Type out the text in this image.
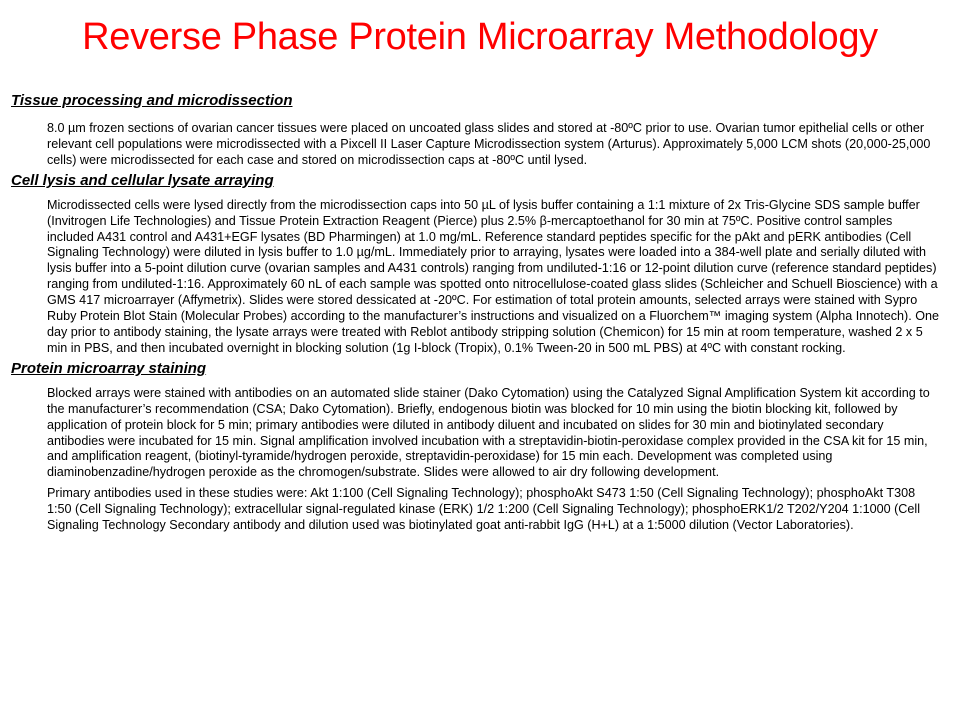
Reverse Phase Protein Microarray Methodology

Tissue processing and microdissection

8.0 µm frozen sections of ovarian cancer tissues were placed on uncoated glass slides and stored at -80ºC prior to use. Ovarian tumor epithelial cells or other relevant cell populations were microdissected with a Pixcell II Laser Capture Microdissection system (Arturus). Approximately 5,000 LCM shots (20,000-25,000 cells) were microdissected for each case and stored on microdissection caps at -80ºC until lysed.

Cell lysis and cellular lysate arraying

Microdissected cells were lysed directly from the microdissection caps into 50 µL of lysis buffer containing a 1:1 mixture of 2x Tris-Glycine SDS sample buffer (Invitrogen Life Technologies) and Tissue Protein Extraction Reagent (Pierce) plus 2.5% β-mercaptoethanol for 30 min at 75ºC. Positive control samples included A431 control and A431+EGF lysates (BD Pharmingen) at 1.0 mg/mL. Reference standard peptides specific for the pAkt and pERK antibodies (Cell Signaling Technology) were diluted in lysis buffer to 1.0 µg/mL. Immediately prior to arraying, lysates were loaded into a 384-well plate and serially diluted with lysis buffer into a 5-point dilution curve (ovarian samples and A431 controls) ranging from undiluted-1:16 or 12-point dilution curve (reference standard peptides) ranging from undiluted-1:16. Approximately 60 nL of each sample was spotted onto nitrocellulose-coated glass slides (Schleicher and Schuell Bioscience) with a GMS 417 microarrayer (Affymetrix). Slides were stored dessicated at -20ºC. For estimation of total protein amounts, selected arrays were stained with Sypro Ruby Protein Blot Stain (Molecular Probes) according to the manufacturer’s instructions and visualized on a Fluorchem™ imaging system (Alpha Innotech). One day prior to antibody staining, the lysate arrays were treated with Reblot antibody stripping solution (Chemicon) for 15 min at room temperature, washed 2 x 5 min in PBS, and then incubated overnight in blocking solution (1g I-block (Tropix), 0.1% Tween-20 in 500 mL PBS) at 4ºC with constant rocking.

Protein microarray staining

Blocked arrays were stained with antibodies on an automated slide stainer (Dako Cytomation) using the Catalyzed Signal Amplification System kit according to the manufacturer’s recommendation (CSA; Dako Cytomation). Briefly, endogenous biotin was blocked for 10 min using the biotin blocking kit, followed by application of protein block for 5 min; primary antibodies were diluted in antibody diluent and incubated on slides for 30 min and biotinylated secondary antibodies were incubated for 15 min. Signal amplification involved incubation with a streptavidin-biotin-peroxidase complex provided in the CSA kit for 15 min, and amplification reagent, (biotinyl-tyramide/hydrogen peroxide, streptavidin-peroxidase) for 15 min each. Development was completed using diaminobenzadine/hydrogen peroxide as the chromogen/substrate. Slides were allowed to air dry following development.

Primary antibodies used in these studies were: Akt 1:100 (Cell Signaling Technology); phosphoAkt S473 1:50 (Cell Signaling Technology); phosphoAkt T308 1:50 (Cell Signaling Technology); extracellular signal-regulated kinase (ERK) 1/2 1:200 (Cell Signaling Technology); phosphoERK1/2 T202/Y204 1:1000 (Cell Signaling Technology Secondary antibody and dilution used was biotinylated goat anti-rabbit IgG (H+L) at a 1:5000 dilution (Vector Laboratories).
